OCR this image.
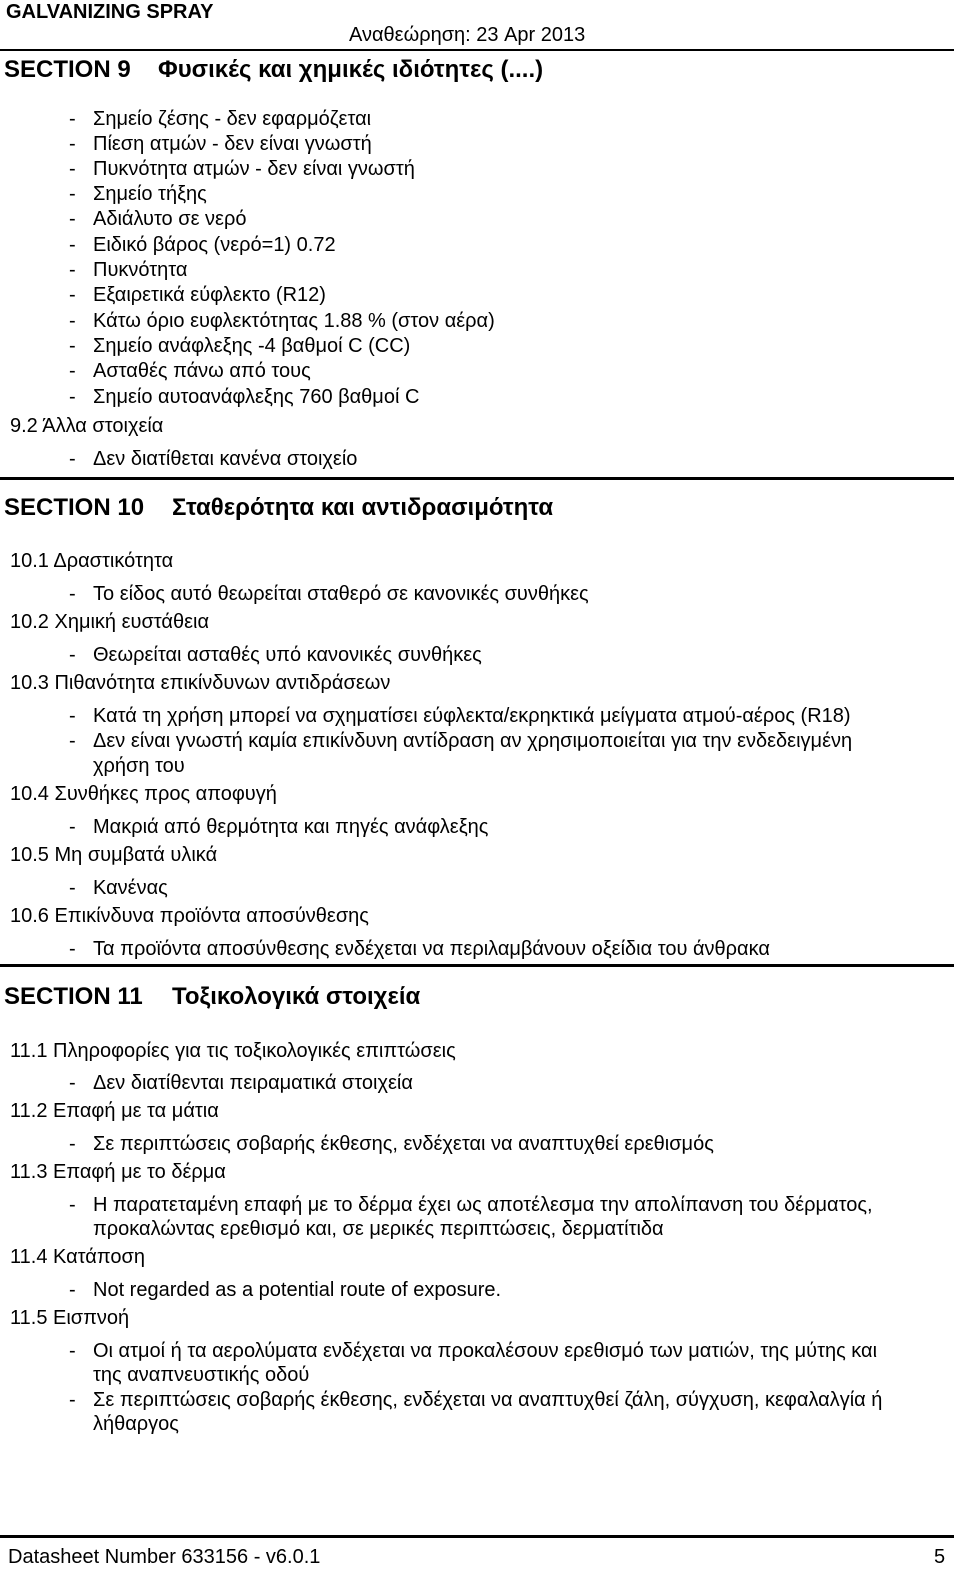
GALVANIZING SPRAY
Αναθεώρηση: 23 Apr 2013
SECTION 9 Φυσικές και χημικές ιδιότητες (....)
- Σημείο ζέσης - δεν εφαρμόζεται
- Πίεση ατμών - δεν είναι γνωστή
- Πυκνότητα ατμών - δεν είναι γνωστή
- Σημείο τήξης
- Αδιάλυτο σε νερό
- Ειδικό βάρος (νερό=1) 0.72
- Πυκνότητα
- Εξαιρετικά εύφλεκτο (R12)
- Κάτω όριο ευφλεκτότητας 1.88 % (στον αέρα)
- Σημείο ανάφλεξης -4 βαθμοί C (CC)
- Ασταθές πάνω από τους
- Σημείο αυτοανάφλεξης 760 βαθμοί C
9.2 Άλλα στοιχεία
- Δεν διατίθεται κανένα στοιχείο
SECTION 10 Σταθερότητα και αντιδρασιμότητα
10.1 Δραστικότητα
- Το είδος αυτό θεωρείται σταθερό σε κανονικές συνθήκες
10.2 Χημική ευστάθεια
- Θεωρείται ασταθές υπό κανονικές συνθήκες
10.3 Πιθανότητα επικίνδυνων αντιδράσεων
- Κατά τη χρήση μπορεί να σχηματίσει εύφλεκτα/εκρηκτικά μείγματα ατμού-αέρος (R18)
- Δεν είναι γνωστή καμία επικίνδυνη αντίδραση αν χρησιμοποιείται για την ενδεδειγμένη
χρήση του
10.4 Συνθήκες προς αποφυγή
- Μακριά από θερμότητα και πηγές ανάφλεξης
10.5 Μη συμβατά υλικά
- Κανένας
10.6 Επικίνδυνα προϊόντα αποσύνθεσης
- Τα προϊόντα αποσύνθεσης ενδέχεται να περιλαμβάνουν οξείδια του άνθρακα
SECTION 11 Τοξικολογικά στοιχεία
11.1 Πληροφορίες για τις τοξικολογικές επιπτώσεις
- Δεν διατίθενται πειραματικά στοιχεία
11.2 Επαφή με τα μάτια
- Σε περιπτώσεις σοβαρής έκθεσης, ενδέχεται να αναπτυχθεί ερεθισμός
11.3 Επαφή με το δέρμα
- Η παρατεταμένη επαφή με το δέρμα έχει ως αποτέλεσμα την απολίπανση του δέρματος,
προκαλώντας ερεθισμό και, σε μερικές περιπτώσεις, δερματίτιδα
11.4 Κατάποση
- Not regarded as a potential route of exposure.
11.5 Εισπνοή
- Οι ατμοί ή τα αερολύματα ενδέχεται να προκαλέσουν ερεθισμό των ματιών, της μύτης και
της αναπνευστικής οδού
- Σε περιπτώσεις σοβαρής έκθεσης, ενδέχεται να αναπτυχθεί ζάλη, σύγχυση, κεφαλαλγία ή
λήθαργος
Datasheet Number 633156 - v6.0.1	5
